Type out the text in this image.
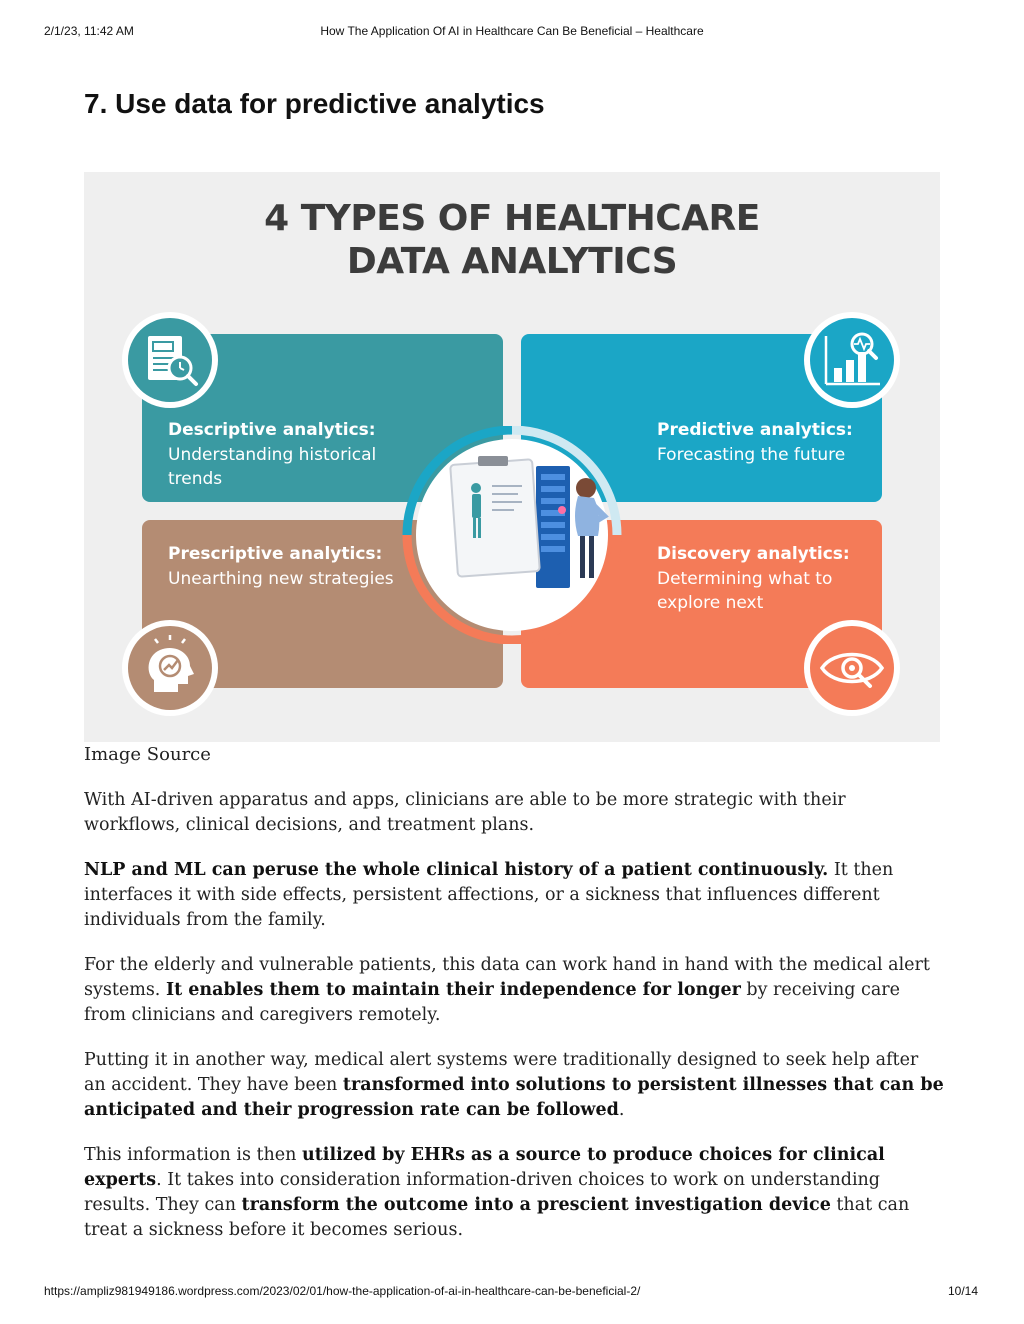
2/1/23, 11:42 AM	How The Application Of AI in Healthcare Can Be Beneficial – Healthcare
7. Use data for predictive analytics
4 TYPES OF HEALTHCARE
DATA ANALYTICS
Descriptive analytics:
Understanding historical trends
Predictive analytics:
Forecasting the future
Prescriptive analytics:
Unearthing new strategies
Discovery analytics:
Determining what to explore next
Image Source

With AI-driven apparatus and apps, clinicians are able to be more strategic with their workflows, clinical decisions, and treatment plans.

NLP and ML can peruse the whole clinical history of a patient continuously. It then interfaces it with side effects, persistent affections, or a sickness that influences different individuals from the family.

For the elderly and vulnerable patients, this data can work hand in hand with the medical alert systems. It enables them to maintain their independence for longer by receiving care from clinicians and caregivers remotely.

Putting it in another way, medical alert systems were traditionally designed to seek help after an accident. They have been transformed into solutions to persistent illnesses that can be anticipated and their progression rate can be followed.

This information is then utilized by EHRs as a source to produce choices for clinical experts. It takes into consideration information-driven choices to work on understanding results. They can transform the outcome into a prescient investigation device that can treat a sickness before it becomes serious.

https://ampliz981949186.wordpress.com/2023/02/01/how-the-application-of-ai-in-healthcare-can-be-beneficial-2/	10/14
